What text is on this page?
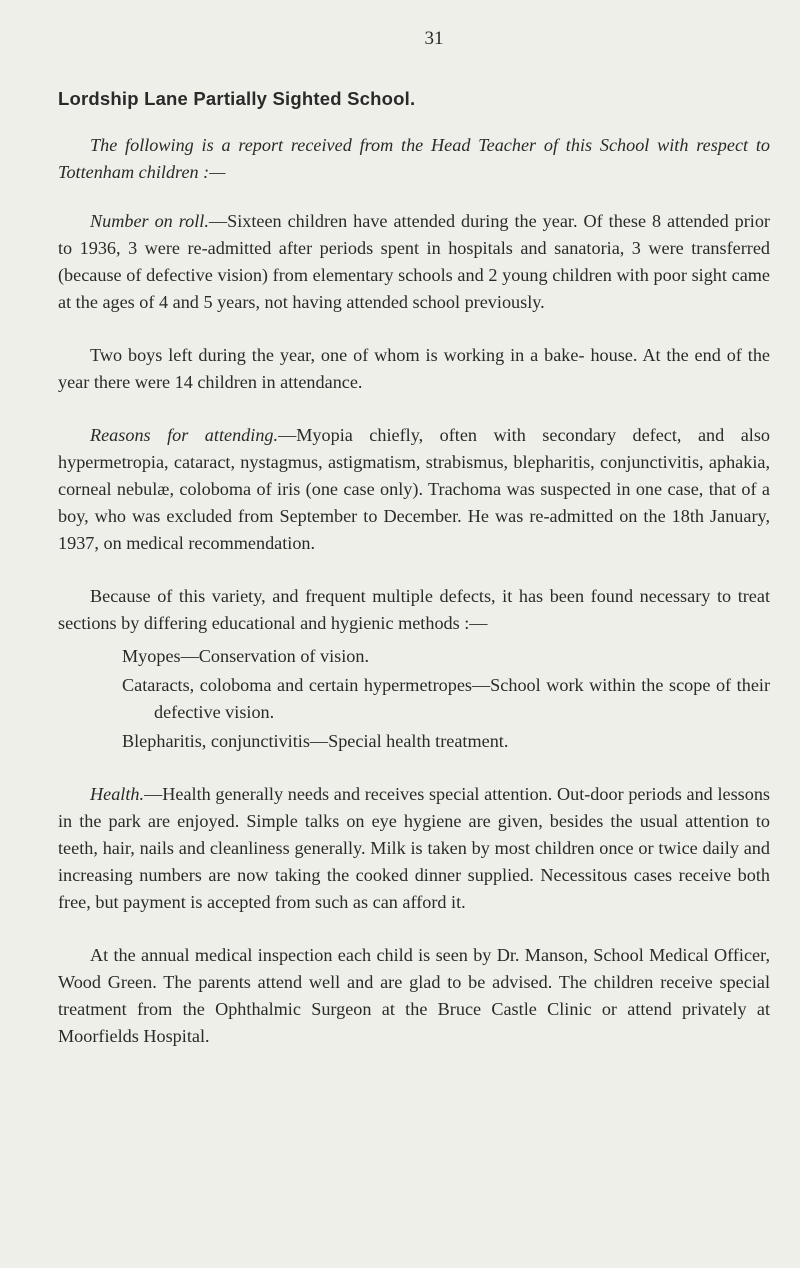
31
Lordship Lane Partially Sighted School.

The following is a report received from the Head Teacher of this School with respect to Tottenham children :—

Number on roll.—Sixteen children have attended during the year. Of these 8 attended prior to 1936, 3 were re-admitted after periods spent in hospitals and sanatoria, 3 were transferred (because of defective vision) from elementary schools and 2 young children with poor sight came at the ages of 4 and 5 years, not having attended school previously.

Two boys left during the year, one of whom is working in a bake- house. At the end of the year there were 14 children in attendance.

Reasons for attending.—Myopia chiefly, often with secondary defect, and also hypermetropia, cataract, nystagmus, astigmatism, strabismus, blepharitis, conjunctivitis, aphakia, corneal nebulæ, coloboma of iris (one case only). Trachoma was suspected in one case, that of a boy, who was excluded from September to December. He was re-admitted on the 18th January, 1937, on medical recommendation.

Because of this variety, and frequent multiple defects, it has been found necessary to treat sections by differing educational and hygienic methods :—

Myopes—Conservation of vision.
Cataracts, coloboma and certain hypermetropes—School work within the scope of their defective vision.
Blepharitis, conjunctivitis—Special health treatment.

Health.—Health generally needs and receives special attention. Out-door periods and lessons in the park are enjoyed. Simple talks on eye hygiene are given, besides the usual attention to teeth, hair, nails and cleanliness generally. Milk is taken by most children once or twice daily and increasing numbers are now taking the cooked dinner supplied. Necessitous cases receive both free, but payment is accepted from such as can afford it.

At the annual medical inspection each child is seen by Dr. Manson, School Medical Officer, Wood Green. The parents attend well and are glad to be advised. The children receive special treatment from the Ophthalmic Surgeon at the Bruce Castle Clinic or attend privately at Moorfields Hospital.
